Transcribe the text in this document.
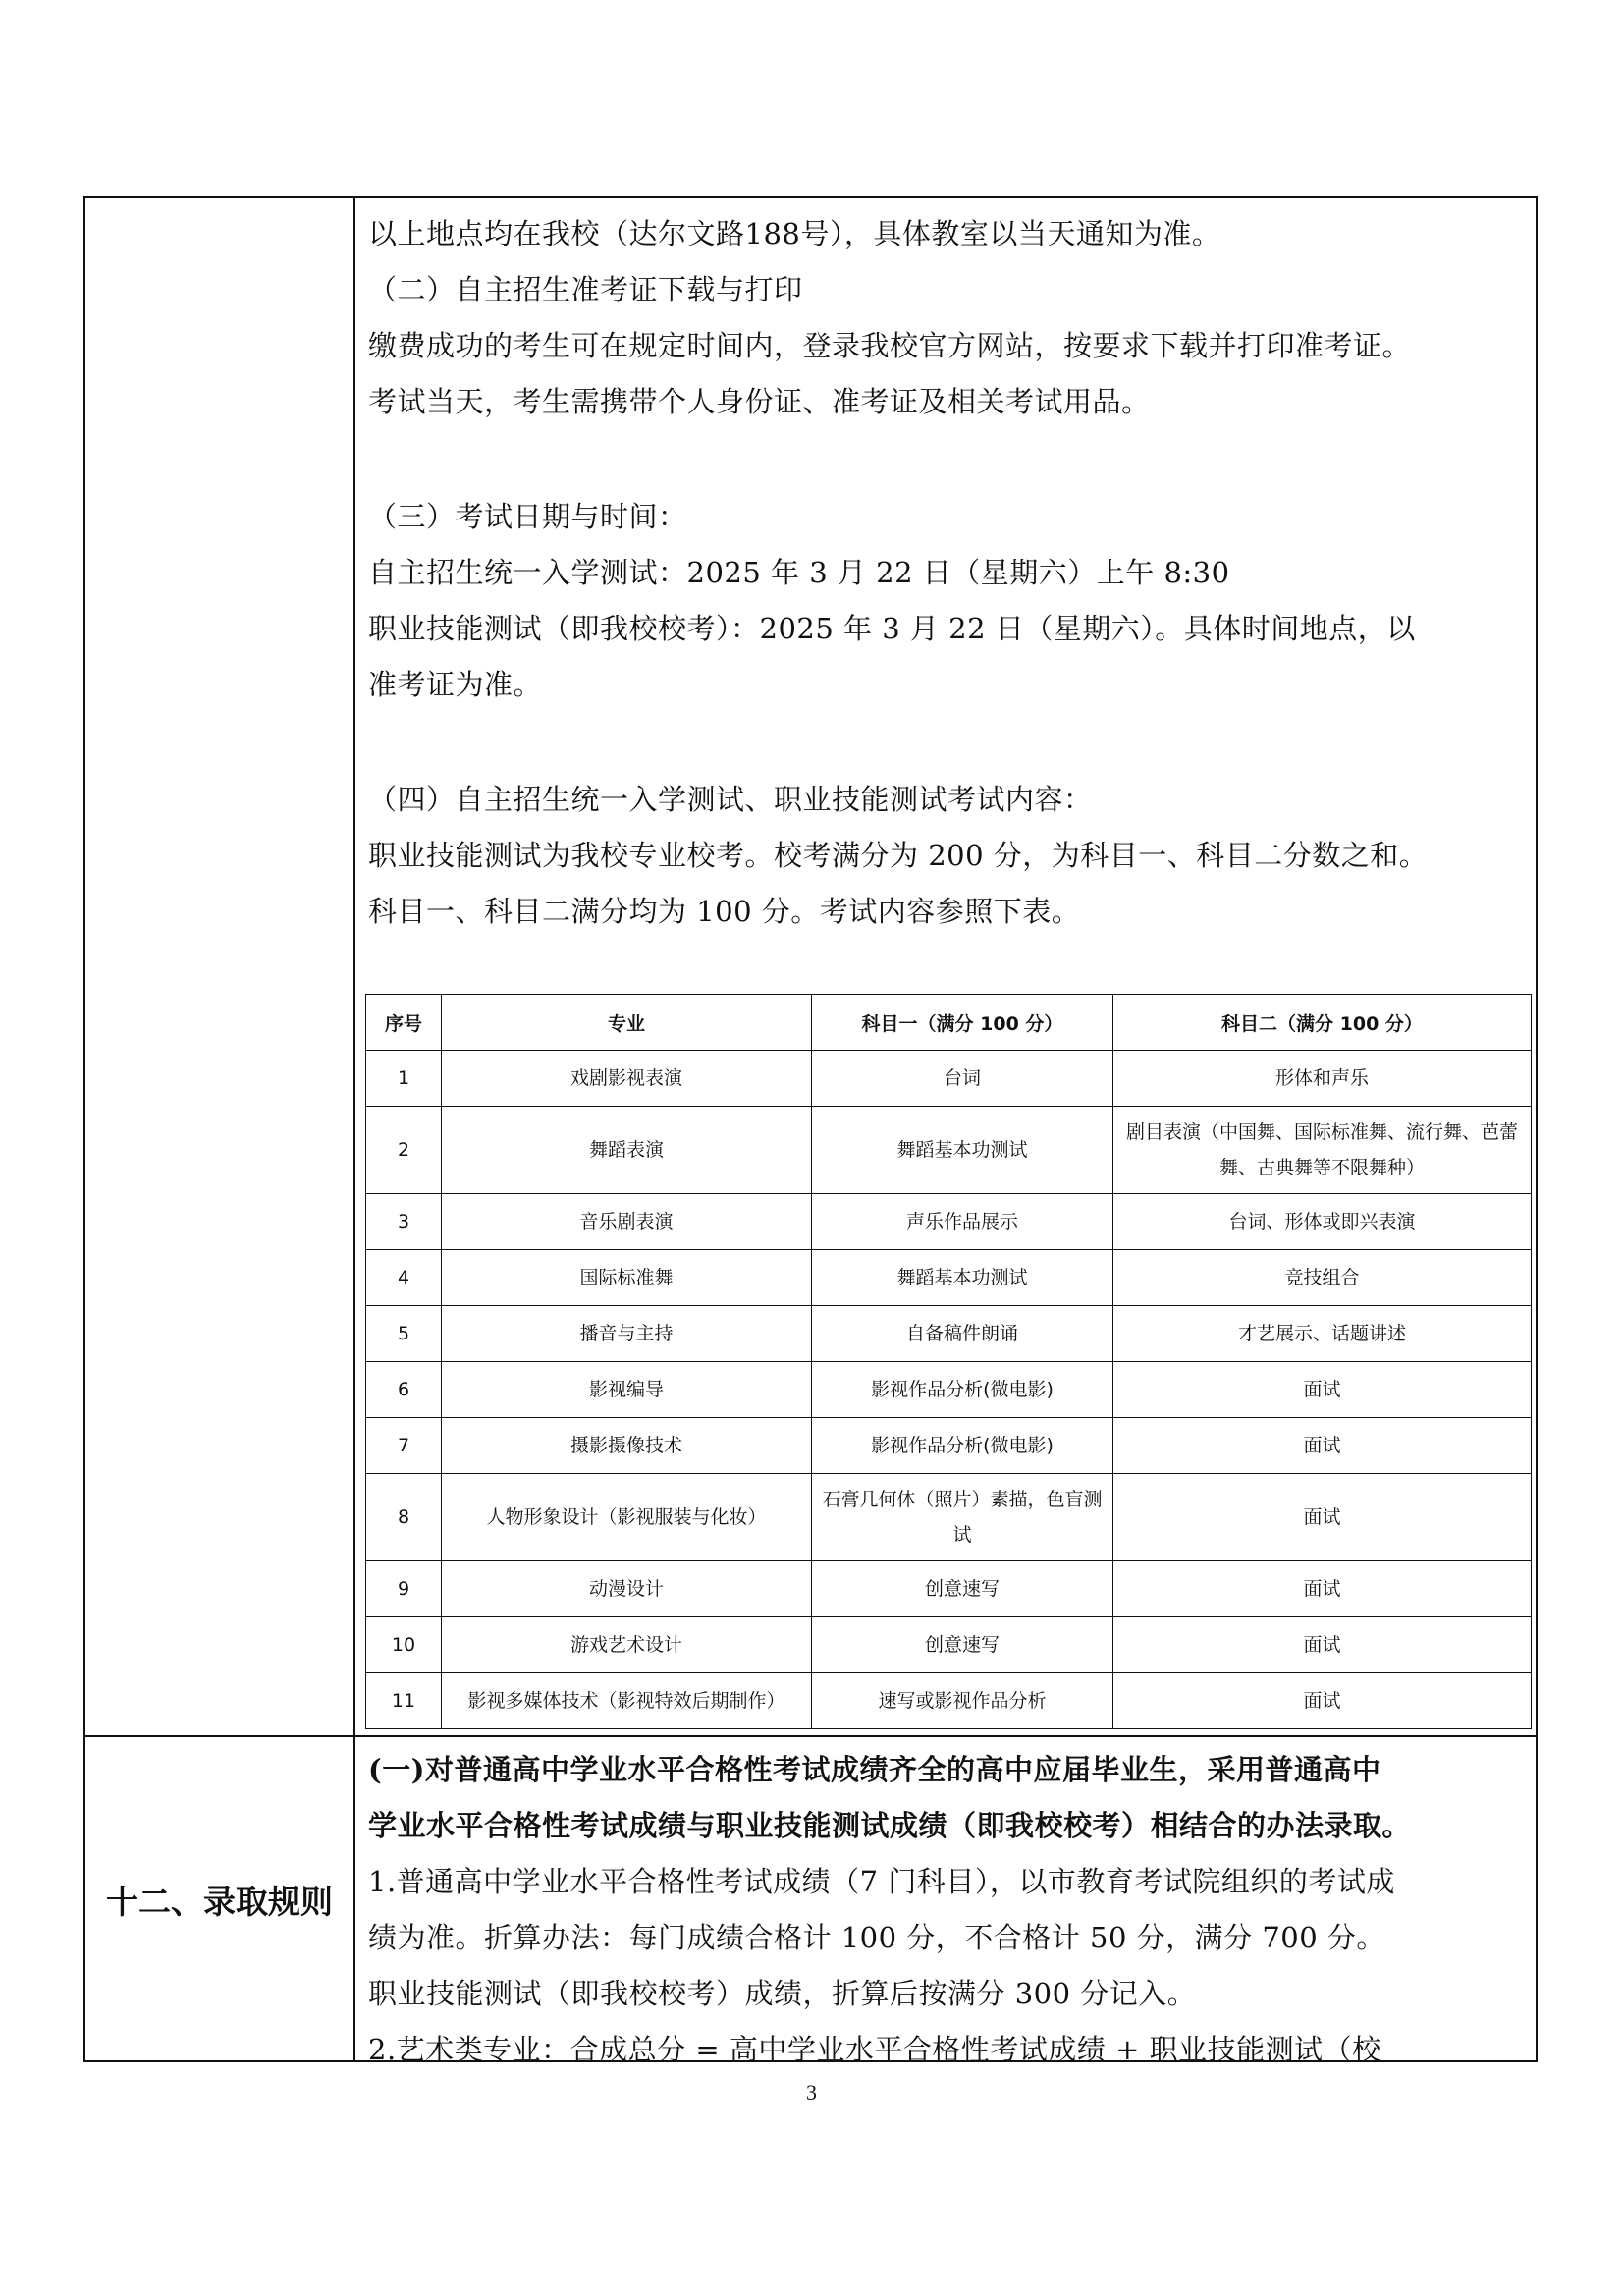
十二、录取规则
以上地点均在我校（达尔文路188号），具体教室以当天通知为准。
（二）自主招生准考证下载与打印
缴费成功的考生可在规定时间内，登录我校官方网站，按要求下载并打印准考证。
考试当天，考生需携带个人身份证、准考证及相关考试用品。
（三）考试日期与时间：
自主招生统一入学测试：2025 年 3 月 22 日（星期六）上午 8:30
职业技能测试（即我校校考）：2025 年 3 月 22 日（星期六）。具体时间地点，以
准考证为准。
（四）自主招生统一入学测试、职业技能测试考试内容：
职业技能测试为我校专业校考。校考满分为 200 分，为科目一、科目二分数之和。
科目一、科目二满分均为 100 分。考试内容参照下表。
序号	专业	科目一（满分 100 分）	科目二（满分 100 分）
1	戏剧影视表演	台词	形体和声乐
2	舞蹈表演	舞蹈基本功测试	剧目表演（中国舞、国际标准舞、流行舞、芭蕾舞、古典舞等不限舞种）
3	音乐剧表演	声乐作品展示	台词、形体或即兴表演
4	国际标准舞	舞蹈基本功测试	竞技组合
5	播音与主持	自备稿件朗诵	才艺展示、话题讲述
6	影视编导	影视作品分析(微电影)	面试
7	摄影摄像技术	影视作品分析(微电影)	面试
8	人物形象设计（影视服装与化妆）	石膏几何体（照片）素描，色盲测试	面试
9	动漫设计	创意速写	面试
10	游戏艺术设计	创意速写	面试
11	影视多媒体技术（影视特效后期制作）	速写或影视作品分析	面试
(一)对普通高中学业水平合格性考试成绩齐全的高中应届毕业生，采用普通高中
学业水平合格性考试成绩与职业技能测试成绩（即我校校考）相结合的办法录取。
1.普通高中学业水平合格性考试成绩（7 门科目），以市教育考试院组织的考试成
绩为准。折算办法：每门成绩合格计 100 分，不合格计 50 分，满分 700 分。
职业技能测试（即我校校考）成绩，折算后按满分 300 分记入。
2.艺术类专业：合成总分 = 高中学业水平合格性考试成绩 + 职业技能测试（校
3
